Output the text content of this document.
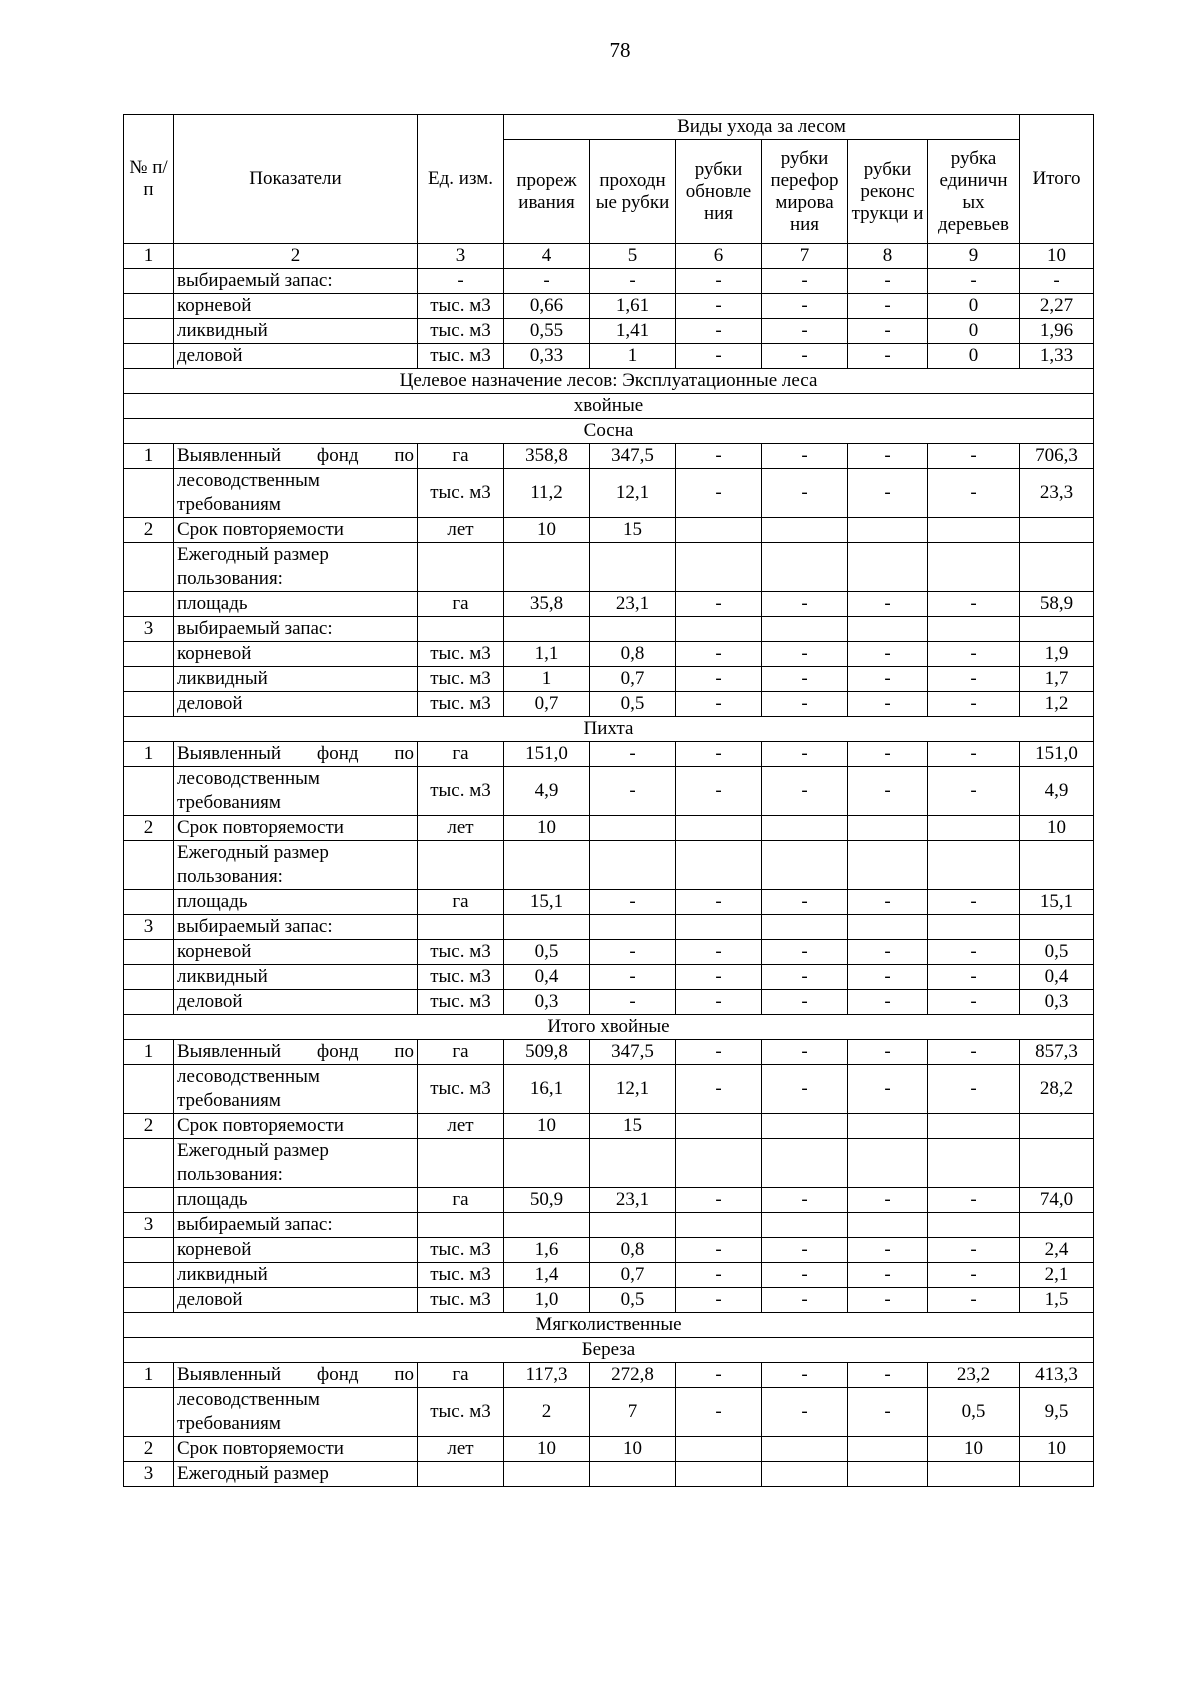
78
№ п/п	Показатели	Ед. изм.	Виды ухода за лесом						Итого
			прореж ивания	проходн ые рубки	рубки обновле ния	рубки перефор мирова ния	рубки реконс трукци и	рубка единичн ых деревьев	
1	2	3	4	5	6	7	8	9	10
	выбираемый запас:	-	-	-	-	-	-	-	-
	корневой	тыс. м3	0,66	1,61	-	-	-	0	2,27
	ликвидный	тыс. м3	0,55	1,41	-	-	-	0	1,96
	деловой	тыс. м3	0,33	1	-	-	-	0	1,33
Целевое назначение лесов: Эксплуатационные леса									
хвойные									
Сосна									
1	Выявленный фонд по	га	358,8	347,5	-	-	-	-	706,3
	лесоводственным требованиям	тыс. м3	11,2	12,1	-	-	-	-	23,3
2	Срок повторяемости	лет	10	15					
	Ежегодный размер пользования:								
	площадь	га	35,8	23,1	-	-	-	-	58,9
3	выбираемый запас:								
	корневой	тыс. м3	1,1	0,8	-	-	-	-	1,9
	ликвидный	тыс. м3	1	0,7	-	-	-	-	1,7
	деловой	тыс. м3	0,7	0,5	-	-	-	-	1,2
Пихта									
1	Выявленный фонд по	га	151,0	-	-	-	-	-	151,0
	лесоводственным требованиям	тыс. м3	4,9	-	-	-	-	-	4,9
2	Срок повторяемости	лет	10						10
	Ежегодный размер пользования:								
	площадь	га	15,1	-	-	-	-	-	15,1
3	выбираемый запас:								
	корневой	тыс. м3	0,5	-	-	-	-	-	0,5
	ликвидный	тыс. м3	0,4	-	-	-	-	-	0,4
	деловой	тыс. м3	0,3	-	-	-	-	-	0,3
Итого хвойные									
1	Выявленный фонд по	га	509,8	347,5	-	-	-	-	857,3
	лесоводственным требованиям	тыс. м3	16,1	12,1	-	-	-	-	28,2
2	Срок повторяемости	лет	10	15					
	Ежегодный размер пользования:								
	площадь	га	50,9	23,1	-	-	-	-	74,0
3	выбираемый запас:								
	корневой	тыс. м3	1,6	0,8	-	-	-	-	2,4
	ликвидный	тыс. м3	1,4	0,7	-	-	-	-	2,1
	деловой	тыс. м3	1,0	0,5	-	-	-	-	1,5
Мягколиственные									
Береза									
1	Выявленный фонд по	га	117,3	272,8	-	-	-	23,2	413,3
	лесоводственным требованиям	тыс. м3	2	7	-	-	-	0,5	9,5
2	Срок повторяемости	лет	10	10				10	10
3	Ежегодный размер								
